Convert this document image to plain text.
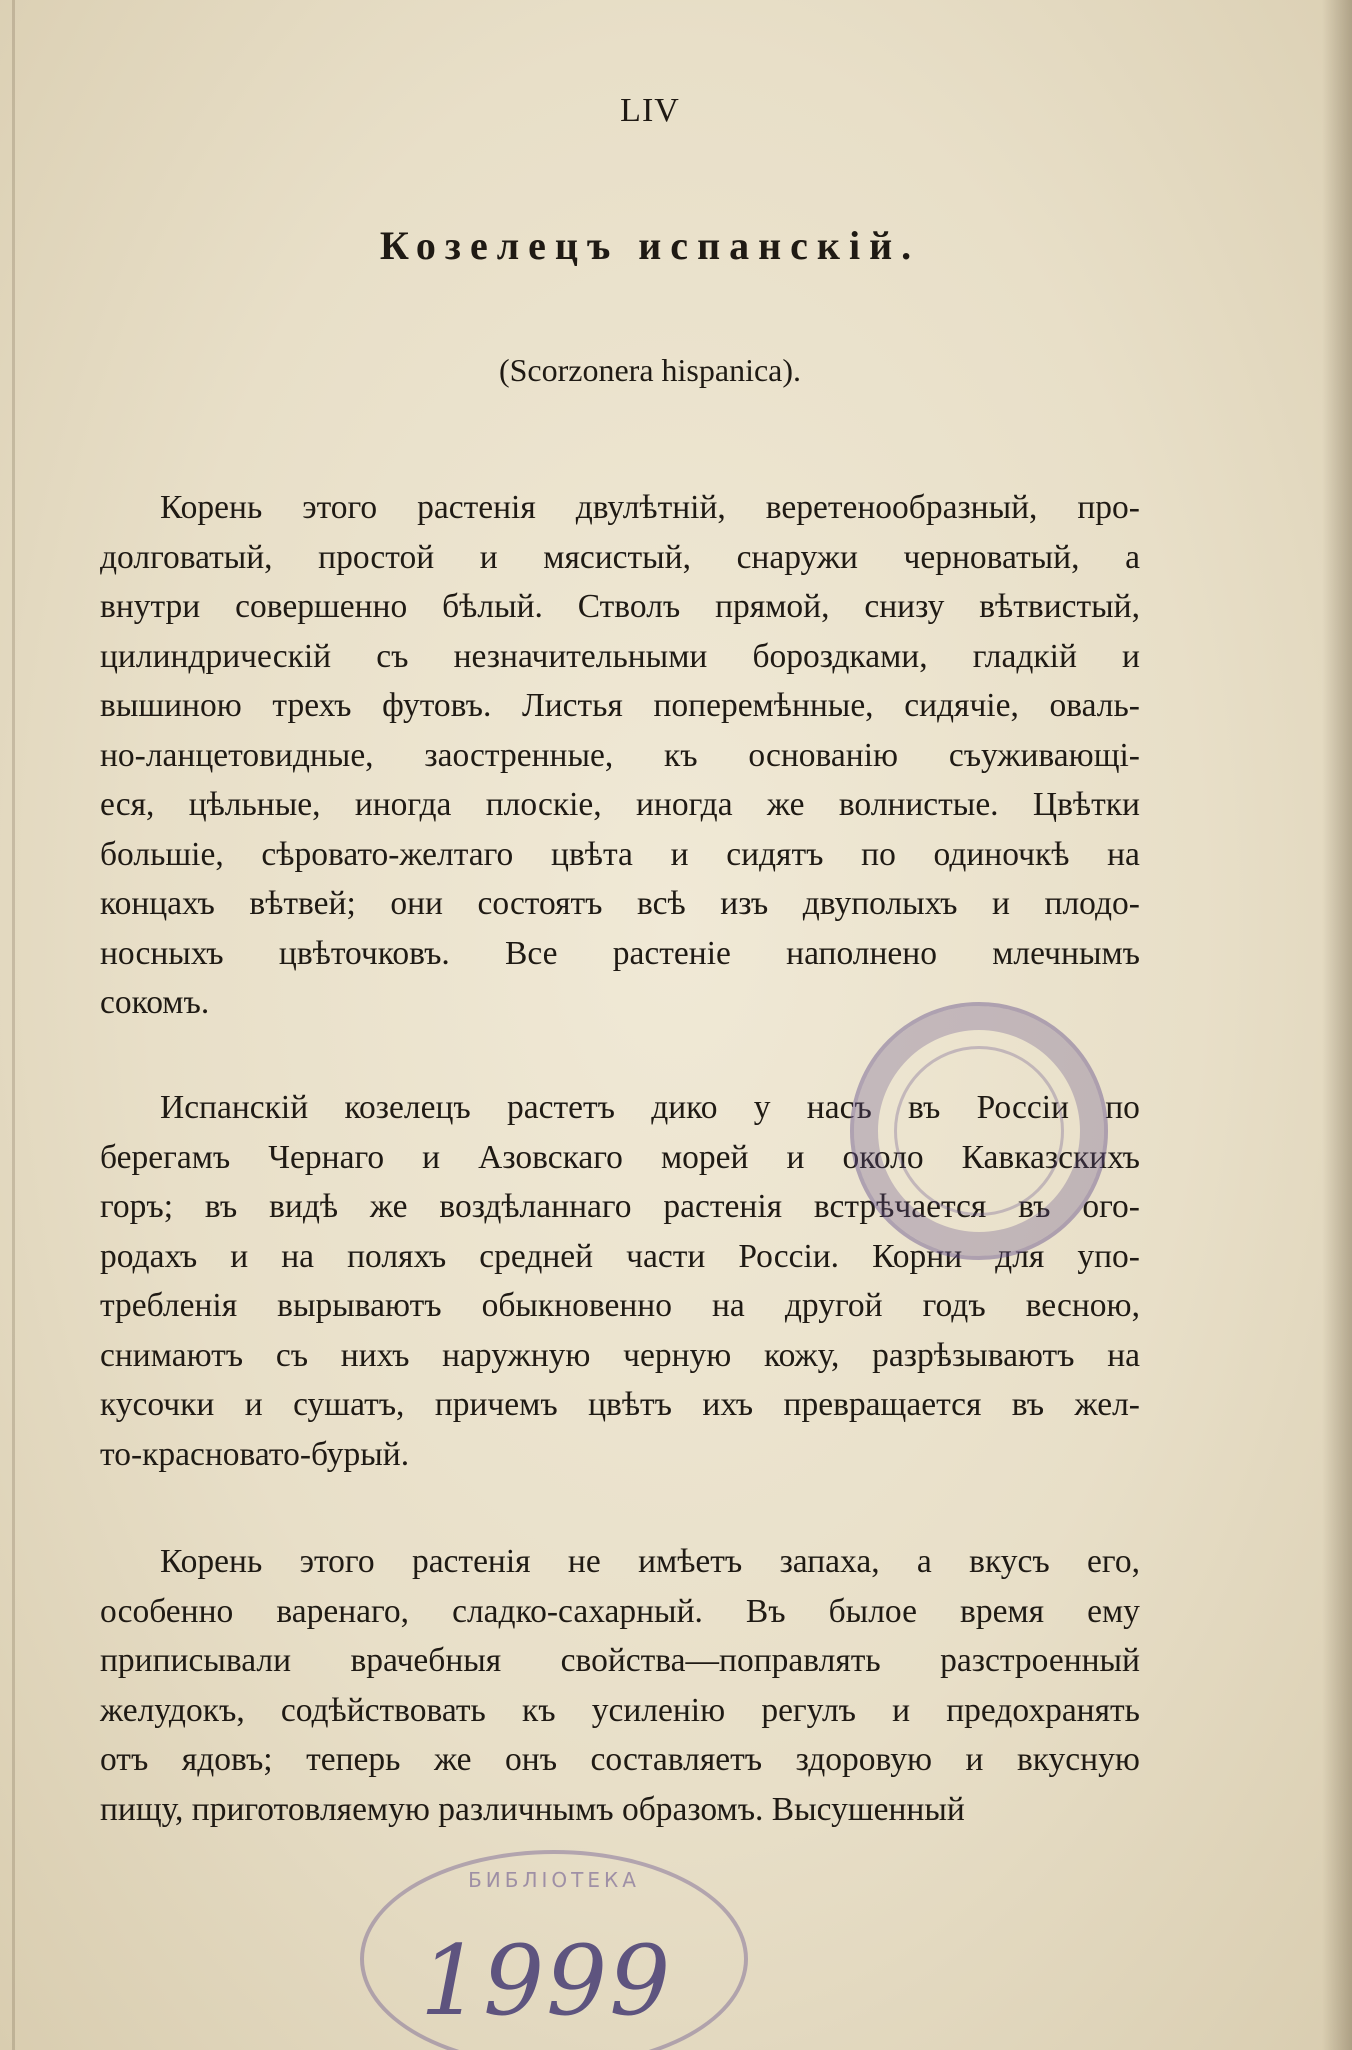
LIV
Козелецъ испанскій.
(Scorzonera hispanica).
Корень этого растенія двулѣтній, веретенообразный, про-
долговатый, простой и мясистый, снаружи черноватый, а
внутри совершенно бѣлый. Стволъ прямой, снизу вѣтвистый,
цилиндрическій съ незначительными бороздками, гладкій и
вышиною трехъ футовъ. Листья поперемѣнные, сидячіе, оваль-
но-ланцетовидные, заостренные, къ основанію съуживающі-
еся, цѣльные, иногда плоскіе, иногда же волнистые. Цвѣтки
большіе, сѣровато-желтаго цвѣта и сидятъ по одиночкѣ на
концахъ вѣтвей; они состоятъ всѣ изъ двуполыхъ и плодо-
носныхъ цвѣточковъ. Все растеніе наполнено млечнымъ
сокомъ.
Испанскій козелецъ растетъ дико у насъ въ Россіи по
берегамъ Чернаго и Азовскаго морей и около Кавказскихъ
горъ; въ видѣ же воздѣланнаго растенія встрѣчается въ ого-
родахъ и на поляхъ средней части Россіи. Корни для упо-
требленія вырываютъ обыкновенно на другой годъ весною,
снимаютъ съ нихъ наружную черную кожу, разрѣзываютъ на
кусочки и сушатъ, причемъ цвѣтъ ихъ превращается въ жел-
то-красновато-бурый.
Корень этого растенія не имѣетъ запаха, а вкусъ его,
особенно варенаго, сладко-сахарный. Въ былое время ему
приписывали врачебныя свойства—поправлять разстроенный
желудокъ, содѣйствовать къ усиленію регулъ и предохранять
отъ ядовъ; теперь же онъ составляетъ здоровую и вкусную
пищу, приготовляемую различнымъ образомъ. Высушенный
БИБЛІОТЕКА
1999
